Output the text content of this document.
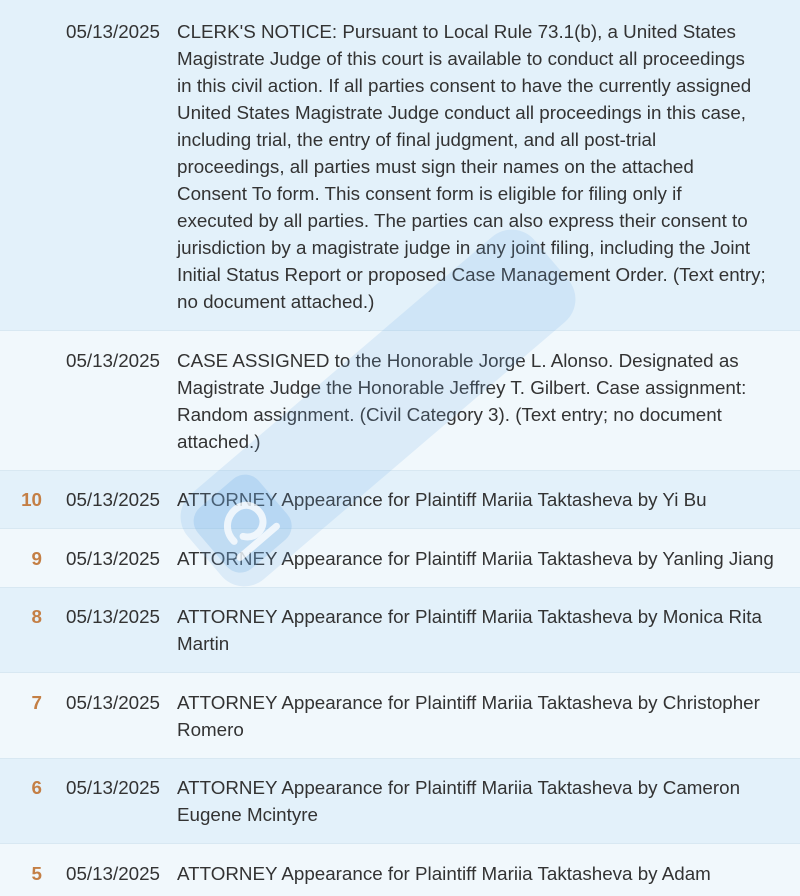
05/13/2025 CLERK'S NOTICE: Pursuant to Local Rule 73.1(b), a United States
Magistrate Judge of this court is available to conduct all proceedings
in this civil action. If all parties consent to have the currently assigned
United States Magistrate Judge conduct all proceedings in this case,
including trial, the entry of final judgment, and all post-trial
proceedings, all parties must sign their names on the attached
Consent To form. This consent form is eligible for filing only if
executed by all parties. The parties can also express their consent to
jurisdiction by a magistrate judge in any joint filing, including the Joint
Initial Status Report or proposed Case Management Order. (Text entry;
no document attached.)
05/13/2025 CASE ASSIGNED to the Honorable Jorge L. Alonso. Designated as
Magistrate Judge the Honorable Jeffrey T. Gilbert. Case assignment:
Random assignment. (Civil Category 3). (Text entry; no document
attached.)
10 05/13/2025 ATTORNEY Appearance for Plaintiff Mariia Taktasheva by Yi Bu
9 05/13/2025 ATTORNEY Appearance for Plaintiff Mariia Taktasheva by Yanling Jiang
8 05/13/2025 ATTORNEY Appearance for Plaintiff Mariia Taktasheva by Monica Rita
Martin
7 05/13/2025 ATTORNEY Appearance for Plaintiff Mariia Taktasheva by Christopher
Romero
6 05/13/2025 ATTORNEY Appearance for Plaintiff Mariia Taktasheva by Cameron
Eugene Mcintyre
5 05/13/2025 ATTORNEY Appearance for Plaintiff Mariia Taktasheva by Adam
